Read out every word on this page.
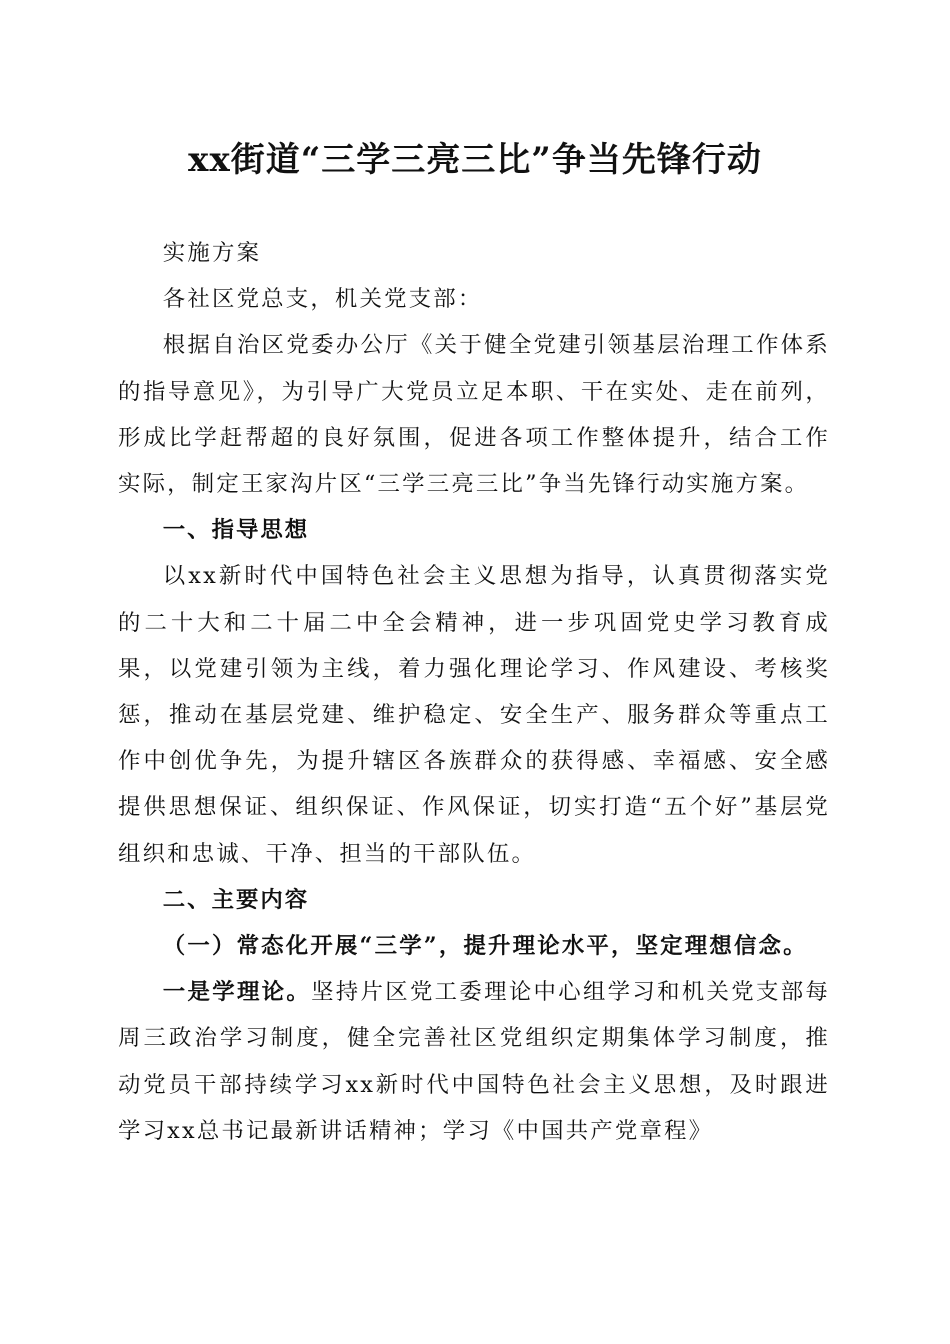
xx街道“三学三亮三比”争当先锋行动

实施方案

各社区党总支，机关党支部：

根据自治区党委办公厅《关于健全党建引领基层治理工作体系的指导意见》，为引导广大党员立足本职、干在实处、走在前列，形成比学赶帮超的良好氛围，促进各项工作整体提升，结合工作实际，制定王家沟片区“三学三亮三比”争当先锋行动实施方案。

一、指导思想

以xx新时代中国特色社会主义思想为指导，认真贯彻落实党的二十大和二十届二中全会精神，进一步巩固党史学习教育成果，以党建引领为主线，着力强化理论学习、作风建设、考核奖惩，推动在基层党建、维护稳定、安全生产、服务群众等重点工作中创优争先，为提升辖区各族群众的获得感、幸福感、安全感提供思想保证、组织保证、作风保证，切实打造“五个好”基层党组织和忠诚、干净、担当的干部队伍。

二、主要内容

（一）常态化开展“三学”，提升理论水平，坚定理想信念。

一是学理论。坚持片区党工委理论中心组学习和机关党支部每周三政治学习制度，健全完善社区党组织定期集体学习制度，推动党员干部持续学习xx新时代中国特色社会主义思想，及时跟进学习xx总书记最新讲话精神；学习《中国共产党章程》
